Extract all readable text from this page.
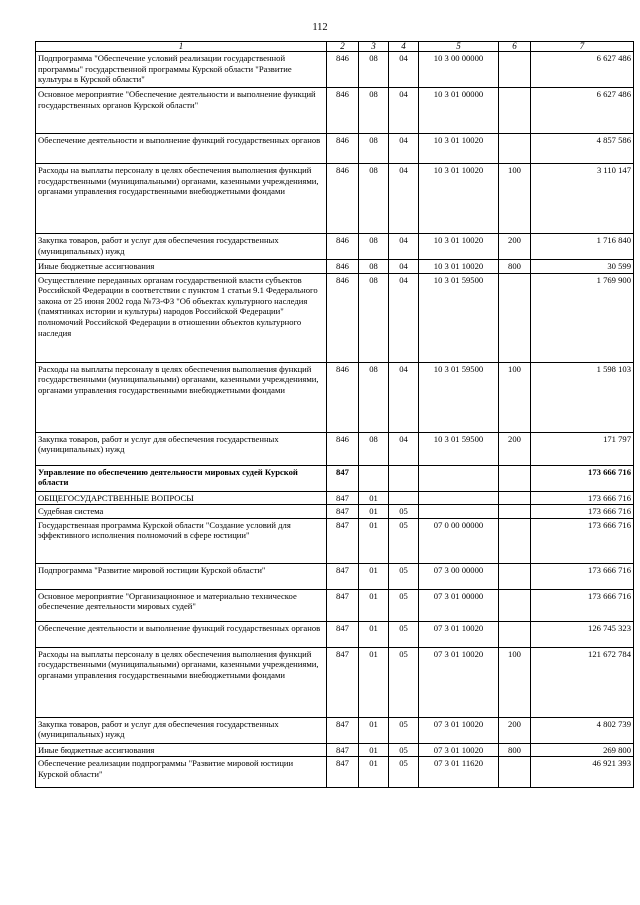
112
1	2	3	4	5	6	7
Подпрограмма "Обеспечение условий реализации государственной программы" государственной программы Курской области "Развитие культуры в Курской области"	846	08	04	10 3 00 00000		6 627 486
Основное мероприятие "Обеспечение деятельности и выполнение функций государственных органов Курской области"	846	08	04	10 3 01 00000		6 627 486
Обеспечение деятельности и выполнение функций государственных органов	846	08	04	10 3 01 10020		4 857 586
Расходы на выплаты персоналу в целях обеспечения выполнения функций государственными (муниципальными) органами, казенными учреждениями, органами управления государственными внебюджетными фондами	846	08	04	10 3 01 10020	100	3 110 147
Закупка товаров, работ и услуг для обеспечения государственных (муниципальных) нужд	846	08	04	10 3 01 10020	200	1 716 840
Иные бюджетные ассигнования	846	08	04	10 3 01 10020	800	30 599
Осуществление переданных органам государственной власти субъектов Российской Федерации в соответствии с пунктом 1 статьи 9.1 Федерального закона от 25 июня 2002 года №73-ФЗ "Об объектах культурного наследия (памятниках истории и культуры) народов Российской Федерации" полномочий Российской Федерации в отношении объектов культурного наследия	846	08	04	10 3 01 59500		1 769 900
Расходы на выплаты персоналу в целях обеспечения выполнения функций государственными (муниципальными) органами, казенными учреждениями, органами управления государственными внебюджетными фондами	846	08	04	10 3 01 59500	100	1 598 103
Закупка товаров, работ и услуг для обеспечения государственных (муниципальных) нужд	846	08	04	10 3 01 59500	200	171 797
Управление по обеспечению деятельности мировых судей Курской области	847					173 666 716
ОБЩЕГОСУДАРСТВЕННЫЕ ВОПРОСЫ	847	01				173 666 716
Судебная система	847	01	05			173 666 716
Государственная программа Курской области "Создание условий для эффективного исполнения полномочий в сфере юстиции"	847	01	05	07 0 00 00000		173 666 716
Подпрограмма "Развитие мировой юстиции Курской области"	847	01	05	07 3 00 00000		173 666 716
Основное мероприятие "Организационное и материально техническое обеспечение деятельности мировых судей"	847	01	05	07 3 01 00000		173 666 716
Обеспечение деятельности и выполнение функций государственных органов	847	01	05	07 3 01 10020		126 745 323
Расходы на выплаты персоналу в целях обеспечения выполнения функций государственными (муниципальными) органами, казенными учреждениями, органами управления государственными внебюджетными фондами	847	01	05	07 3 01 10020	100	121 672 784
Закупка товаров, работ и услуг для обеспечения государственных (муниципальных) нужд	847	01	05	07 3 01 10020	200	4 802 739
Иные бюджетные ассигнования	847	01	05	07 3 01 10020	800	269 800
Обеспечение реализации подпрограммы "Развитие мировой юстиции Курской области"	847	01	05	07 3 01 11620		46 921 393
